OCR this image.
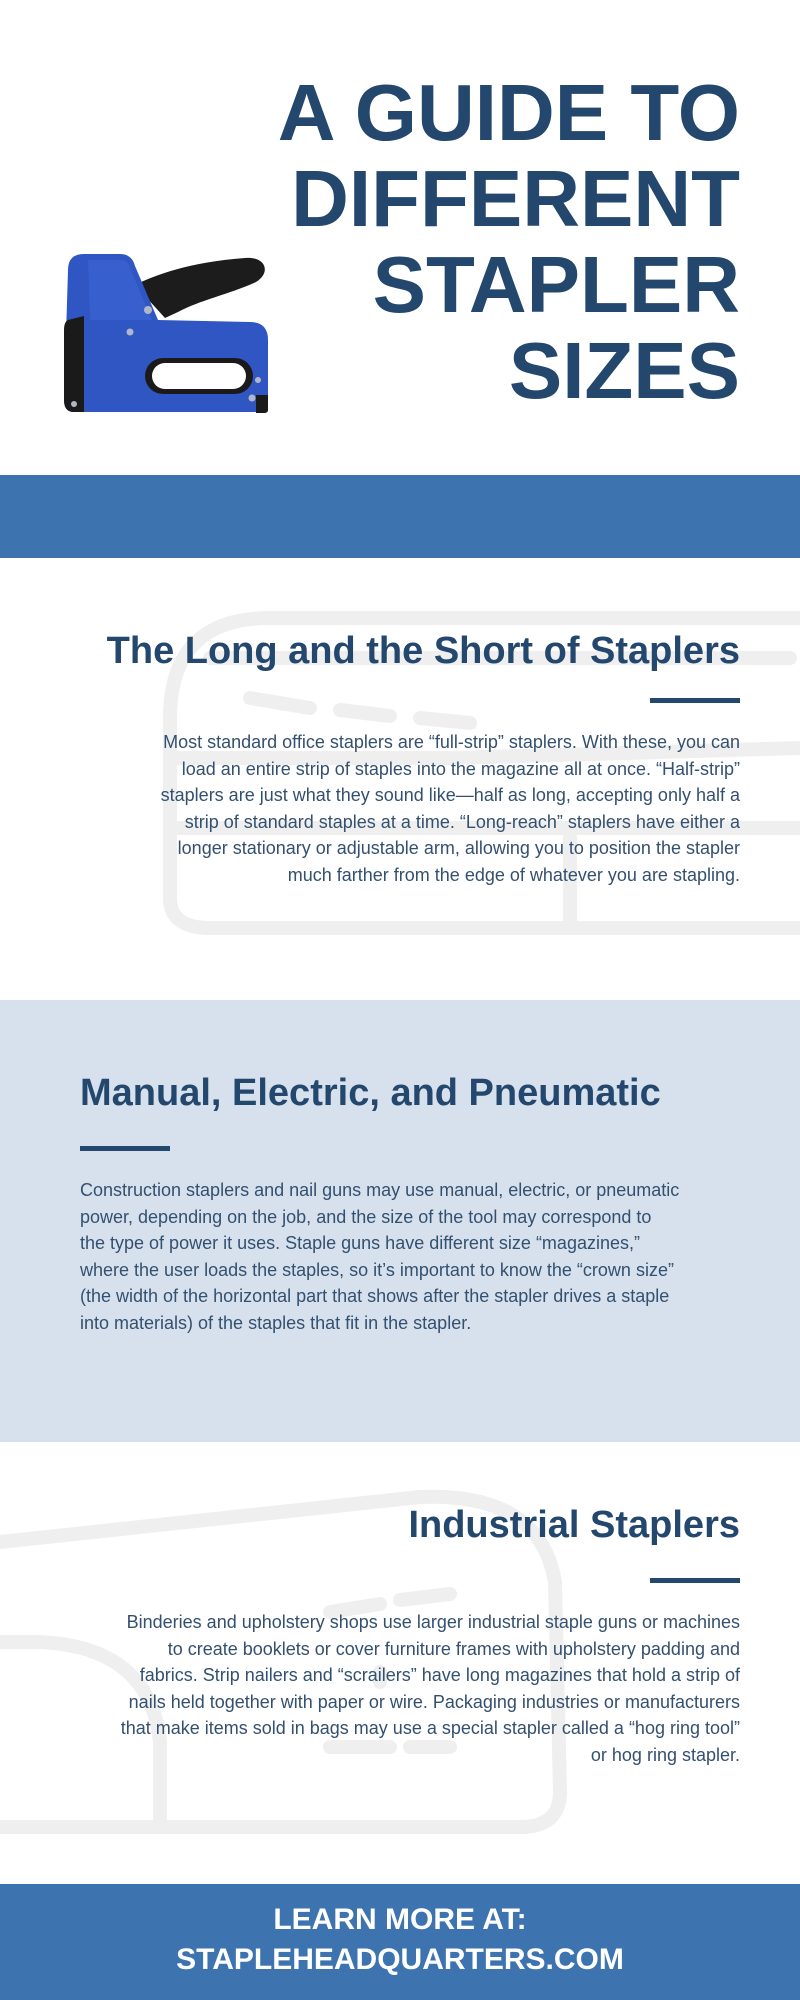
A GUIDE TO
DIFFERENT
STAPLER
SIZES
The Long and the Short of Staplers

Most standard office staplers are “full-strip” staplers. With these, you can load an entire strip of staples into the magazine all at once. “Half-strip” staplers are just what they sound like—half as long, accepting only half a strip of standard staples at a time. “Long-reach” staplers have either a longer stationary or adjustable arm, allowing you to position the stapler much farther from the edge of whatever you are stapling.

Manual, Electric, and Pneumatic

Construction staplers and nail guns may use manual, electric, or pneumatic power, depending on the job, and the size of the tool may correspond to the type of power it uses. Staple guns have different size “magazines,” where the user loads the staples, so it’s important to know the “crown size” (the width of the horizontal part that shows after the stapler drives a staple into materials) of the staples that fit in the stapler.

Industrial Staplers

Binderies and upholstery shops use larger industrial staple guns or machines to create booklets or cover furniture frames with upholstery padding and fabrics. Strip nailers and “scrailers” have long magazines that hold a strip of nails held together with paper or wire. Packaging industries or manufacturers that make items sold in bags may use a special stapler called a “hog ring tool” or hog ring stapler.

LEARN MORE AT:
STAPLEHEADQUARTERS.COM
